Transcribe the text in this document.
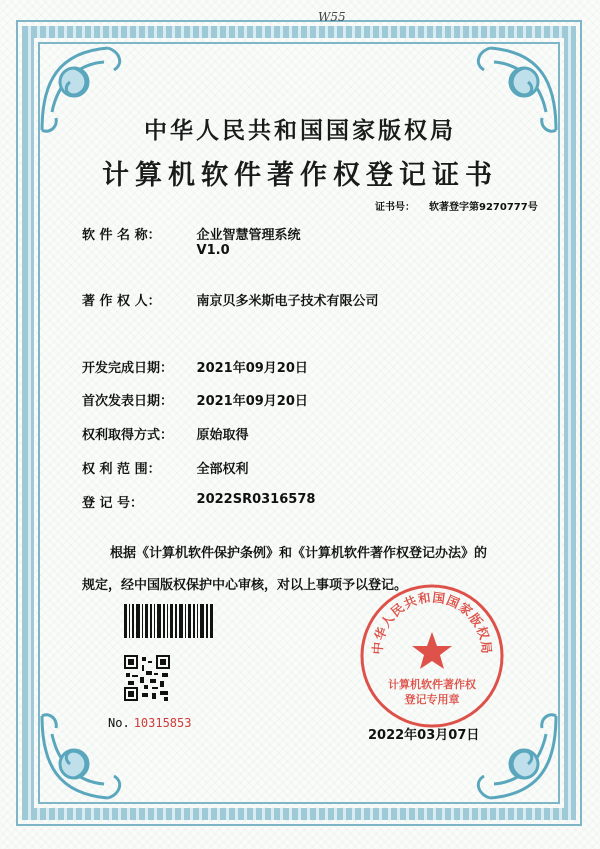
W55
中华人民共和国国家版权局
计算机软件著作权登记证书
证书号： 软著登字第9270777号
软 件 名 称：	企业智慧管理系统
V1.0
著 作 权 人：	南京贝多米斯电子技术有限公司
开发完成日期： 2021年09月20日
首次发表日期： 2021年09月20日
权利取得方式： 原始取得
权 利 范 围：	全部权利
登 记 号：	2022SR0316578
根据《计算机软件保护条例》和《计算机软件著作权登记办法》的
规定，经中国版权保护中心审核，对以上事项予以登记。
No. 10315853
中华人民共和国国家版权局
计算机软件著作权
登记专用章
2022年03月07日
